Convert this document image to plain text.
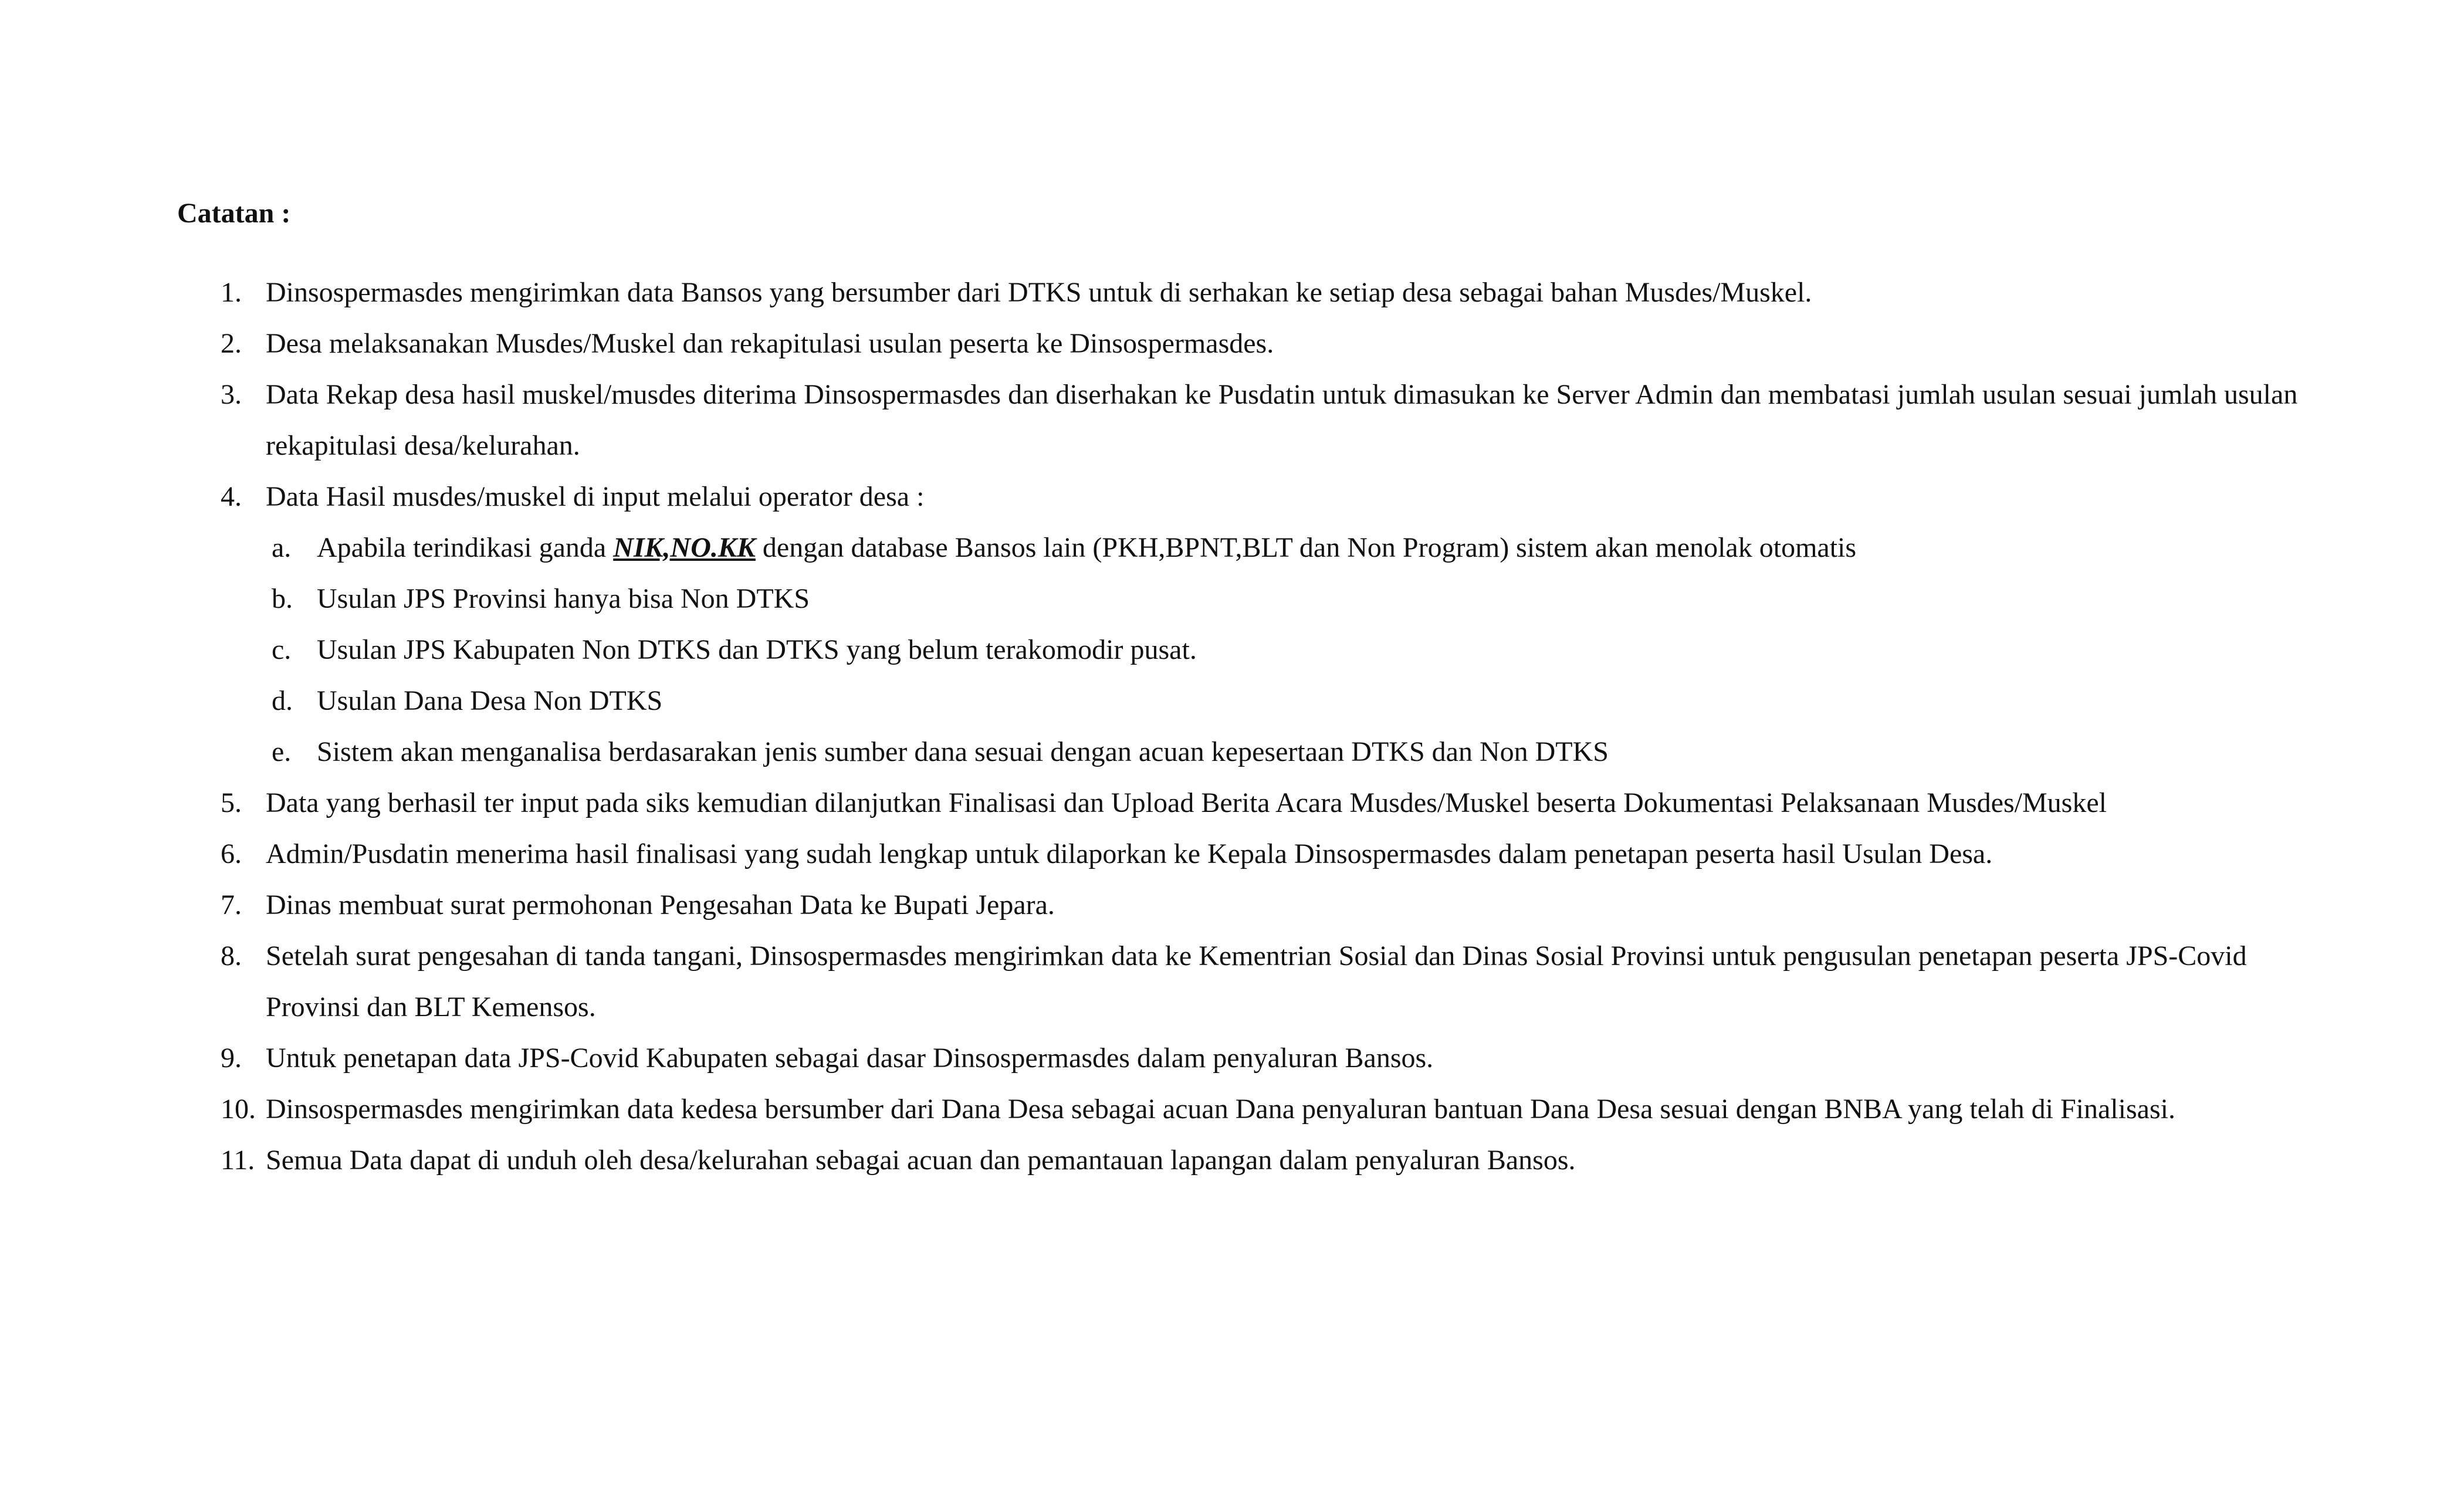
Catatan :
1. Dinsospermasdes mengirimkan data Bansos yang bersumber dari DTKS untuk di serhakan ke setiap desa sebagai bahan Musdes/Muskel.
2. Desa melaksanakan Musdes/Muskel dan rekapitulasi usulan peserta ke Dinsospermasdes.
3. Data Rekap desa hasil muskel/musdes diterima Dinsospermasdes dan diserhakan ke Pusdatin untuk dimasukan ke Server Admin dan membatasi jumlah usulan sesuai jumlah usulan rekapitulasi desa/kelurahan.
4. Data Hasil musdes/muskel di input melalui operator desa :
a. Apabila terindikasi ganda NIK,NO.KK dengan database Bansos lain (PKH,BPNT,BLT dan Non Program) sistem akan menolak otomatis
b. Usulan JPS Provinsi hanya bisa Non DTKS
c. Usulan JPS Kabupaten Non DTKS dan DTKS yang belum terakomodir pusat.
d. Usulan Dana Desa Non DTKS
e. Sistem akan menganalisa berdasarakan jenis sumber dana sesuai dengan acuan kepesertaan DTKS dan Non DTKS
5. Data yang berhasil ter input pada siks kemudian dilanjutkan Finalisasi dan Upload Berita Acara Musdes/Muskel beserta Dokumentasi Pelaksanaan Musdes/Muskel
6. Admin/Pusdatin menerima hasil finalisasi yang sudah lengkap untuk dilaporkan ke Kepala Dinsospermasdes dalam penetapan peserta hasil Usulan Desa.
7. Dinas membuat surat permohonan Pengesahan Data ke Bupati Jepara.
8. Setelah surat pengesahan di tanda tangani, Dinsospermasdes mengirimkan data ke Kementrian Sosial dan Dinas Sosial Provinsi untuk pengusulan penetapan peserta JPS-Covid Provinsi dan BLT Kemensos.
9. Untuk penetapan data JPS-Covid Kabupaten sebagai dasar Dinsospermasdes dalam penyaluran Bansos.
10. Dinsospermasdes mengirimkan data kedesa bersumber dari Dana Desa sebagai acuan Dana penyaluran bantuan Dana Desa sesuai dengan BNBA yang telah di Finalisasi.
11. Semua Data dapat di unduh oleh desa/kelurahan sebagai acuan dan pemantauan lapangan dalam penyaluran Bansos.
